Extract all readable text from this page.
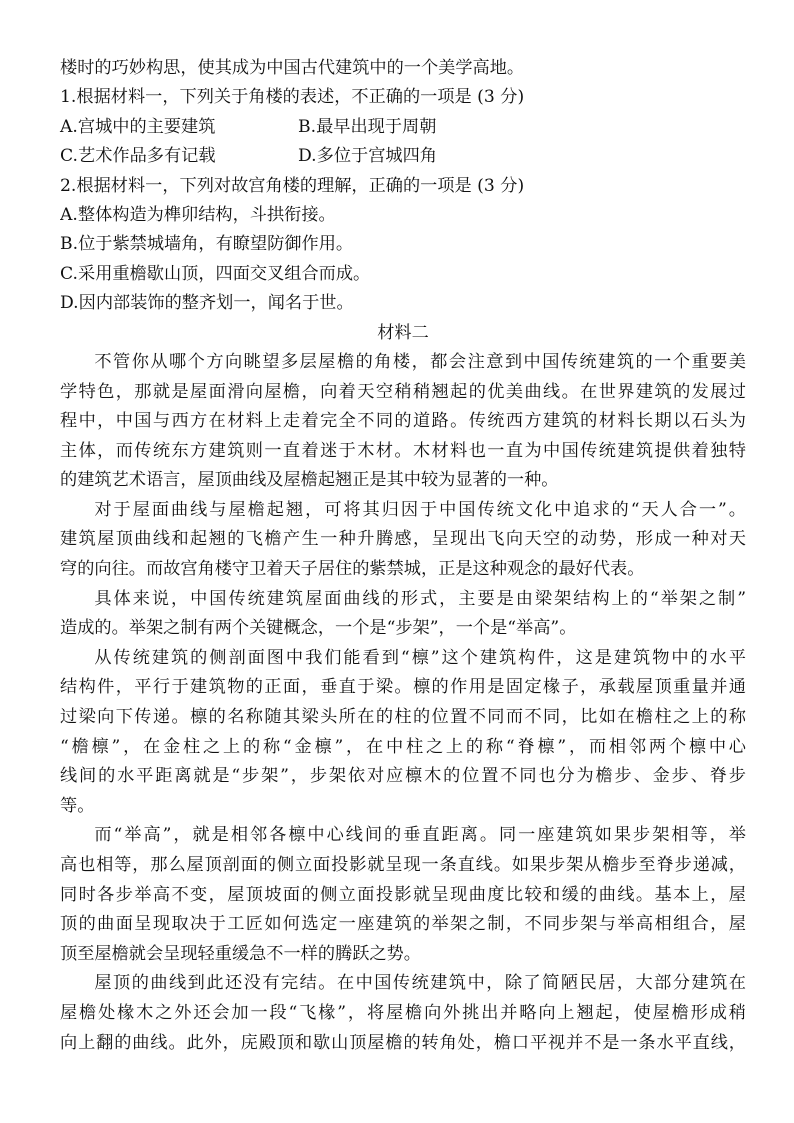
楼时的巧妙构思，使其成为中国古代建筑中的一个美学高地。
1.根据材料一，下列关于角楼的表述，不正确的一项是 (3 分)
A.宫城中的主要建筑	B.最早出现于周朝
C.艺术作品多有记载	D.多位于宫城四角
2.根据材料一，下列对故宫角楼的理解，正确的一项是 (3 分)
A.整体构造为榫卯结构，斗拱衔接。
B.位于紫禁城墙角，有瞭望防御作用。
C.采用重檐歇山顶，四面交叉组合而成。
D.因内部装饰的整齐划一，闻名于世。
材料二
不管你从哪个方向眺望多层屋檐的角楼，都会注意到中国传统建筑的一个重要美
学特色，那就是屋面滑向屋檐，向着天空稍稍翘起的优美曲线。在世界建筑的发展过
程中，中国与西方在材料上走着完全不同的道路。传统西方建筑的材料长期以石头为
主体，而传统东方建筑则一直着迷于木材。木材料也一直为中国传统建筑提供着独特
的建筑艺术语言，屋顶曲线及屋檐起翘正是其中较为显著的一种。
对于屋面曲线与屋檐起翘，可将其归因于中国传统文化中追求的“天人合一”。
建筑屋顶曲线和起翘的飞檐产生一种升腾感，呈现出飞向天空的动势，形成一种对天
穹的向往。而故宫角楼守卫着天子居住的紫禁城，正是这种观念的最好代表。
具体来说，中国传统建筑屋面曲线的形式，主要是由梁架结构上的“举架之制”
造成的。举架之制有两个关键概念，一个是“步架”，一个是“举高”。
从传统建筑的侧剖面图中我们能看到“檩”这个建筑构件，这是建筑物中的水平
结构件，平行于建筑物的正面，垂直于梁。檩的作用是固定椽子，承载屋顶重量并通
过梁向下传递。檩的名称随其梁头所在的柱的位置不同而不同，比如在檐柱之上的称
“檐檩”，在金柱之上的称“金檩”，在中柱之上的称“脊檩”，而相邻两个檩中心
线间的水平距离就是“步架”，步架依对应檩木的位置不同也分为檐步、金步、脊步
等。
而“举高”，就是相邻各檩中心线间的垂直距离。同一座建筑如果步架相等，举
高也相等，那么屋顶剖面的侧立面投影就呈现一条直线。如果步架从檐步至脊步递减，
同时各步举高不变，屋顶坡面的侧立面投影就呈现曲度比较和缓的曲线。基本上，屋
顶的曲面呈现取决于工匠如何选定一座建筑的举架之制，不同步架与举高相组合，屋
顶至屋檐就会呈现轻重缓急不一样的腾跃之势。
屋顶的曲线到此还没有完结。在中国传统建筑中，除了简陋民居，大部分建筑在
屋檐处椽木之外还会加一段“飞椽”，将屋檐向外挑出并略向上翘起，使屋檐形成稍
向上翻的曲线。此外，庑殿顶和歇山顶屋檐的转角处，檐口平视并不是一条水平直线，
